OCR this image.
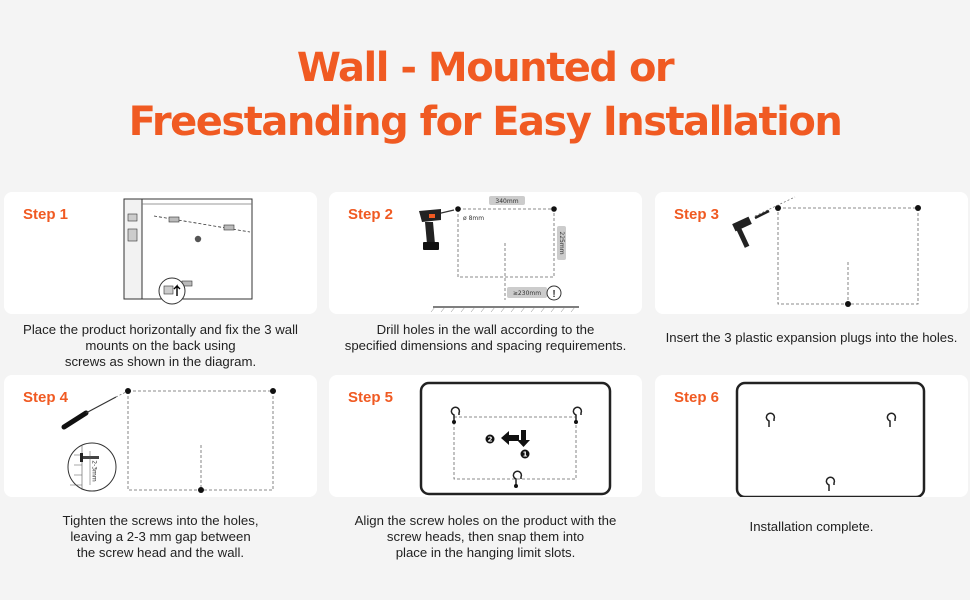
Wall - Mounted or
Freestanding for Easy Installation
Step 1
Place the product horizontally and fix the 3 wall
mounts on the back using
screws as shown in the diagram.
340mm
225mm
ø 8mm
≥230mm !
Step 2
Drill holes in the wall according to the
specified dimensions and spacing requirements.
Step 3
Insert the 3 plastic expansion plugs into the holes.
2-3mm
Step 4
Tighten the screws into the holes,
leaving a 2-3 mm gap between
the screw head and the wall.
1
2
Step 5
Align the screw holes on the product with the
screw heads, then snap them into
place in the hanging limit slots.
Step 6
Installation complete.
